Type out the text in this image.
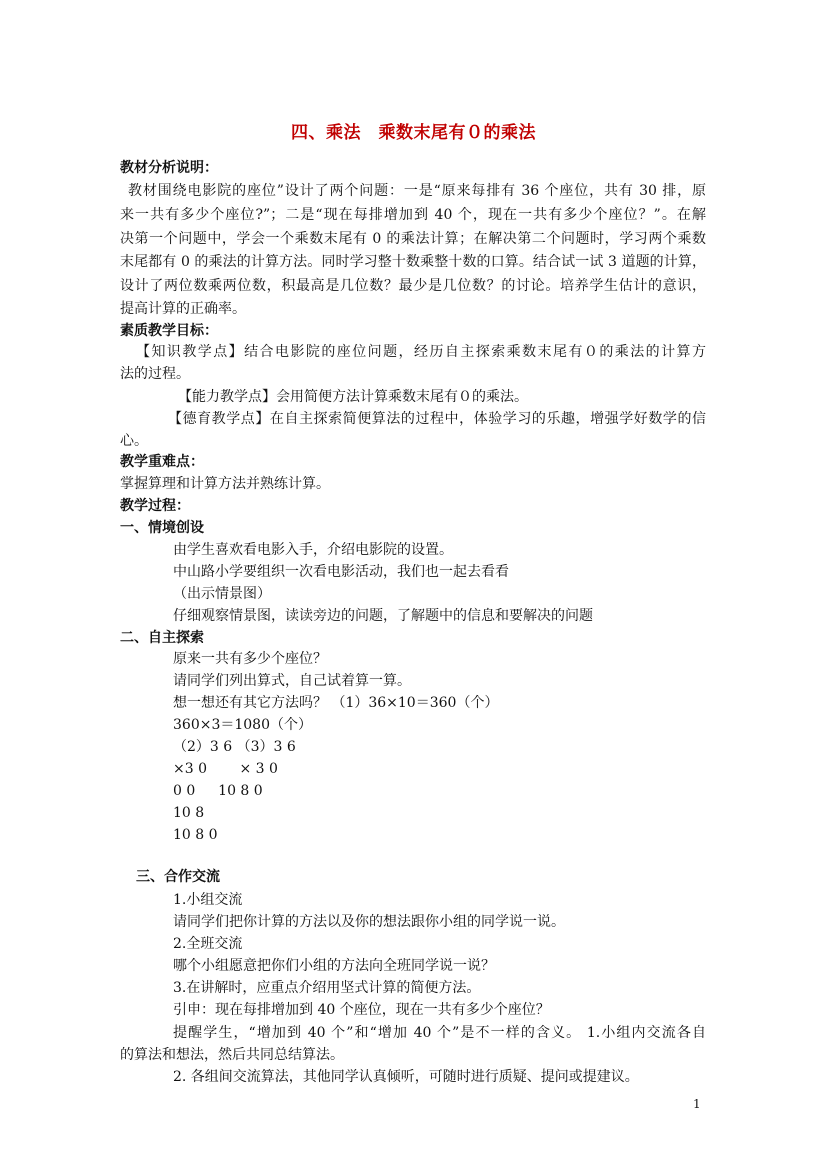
四、乘法　乘数末尾有０的乘法
教材分析说明：
教材围绕电影院的座位”设计了两个问题：一是“原来每排有 36 个座位，共有 30 排，原
来一共有多少个座位?”；二是“现在每排增加到 40 个，现在一共有多少个座位？”。在解
决第一个问题中，学会一个乘数末尾有 0 的乘法计算；在解决第二个问题时，学习两个乘数
末尾都有 0 的乘法的计算方法。同时学习整十数乘整十数的口算。结合试一试 3 道题的计算，
设计了两位数乘两位数，积最高是几位数？最少是几位数？的讨论。培养学生估计的意识，
提高计算的正确率。
素质教学目标：
【知识教学点】结合电影院的座位问题，经历自主探索乘数末尾有０的乘法的计算方
法的过程。
【能力教学点】会用简便方法计算乘数末尾有０的乘法。
【德育教学点】在自主探索简便算法的过程中，体验学习的乐趣，增强学好数学的信
心。
教学重难点：
掌握算理和计算方法并熟练计算。
教学过程：
一、情境创设
由学生喜欢看电影入手，介绍电影院的设置。
中山路小学要组织一次看电影活动，我们也一起去看看
（出示情景图）
仔细观察情景图，读读旁边的问题，了解题中的信息和要解决的问题
二、自主探索
原来一共有多少个座位？
请同学们列出算式，自己试着算一算。
想一想还有其它方法吗？ （1）36×10＝360（个）
360×3＝1080（个）
（2）3 6 （3）3 6
×3 0 　　× 3 0
0 0 　 10 8 0
10 8
10 8 0
三、合作交流
1.小组交流
请同学们把你计算的方法以及你的想法跟你小组的同学说一说。
2.全班交流
哪个小组愿意把你们小组的方法向全班同学说一说？
3.在讲解时，应重点介绍用坚式计算的简便方法。
引申：现在每排增加到 40 个座位，现在一共有多少个座位？
提醒学生，“增加到 40 个”和“增加 40 个”是不一样的含义。 1.小组内交流各自
的算法和想法，然后共同总结算法。
2. 各组间交流算法，其他同学认真倾听，可随时进行质疑、提问或提建议。
1
